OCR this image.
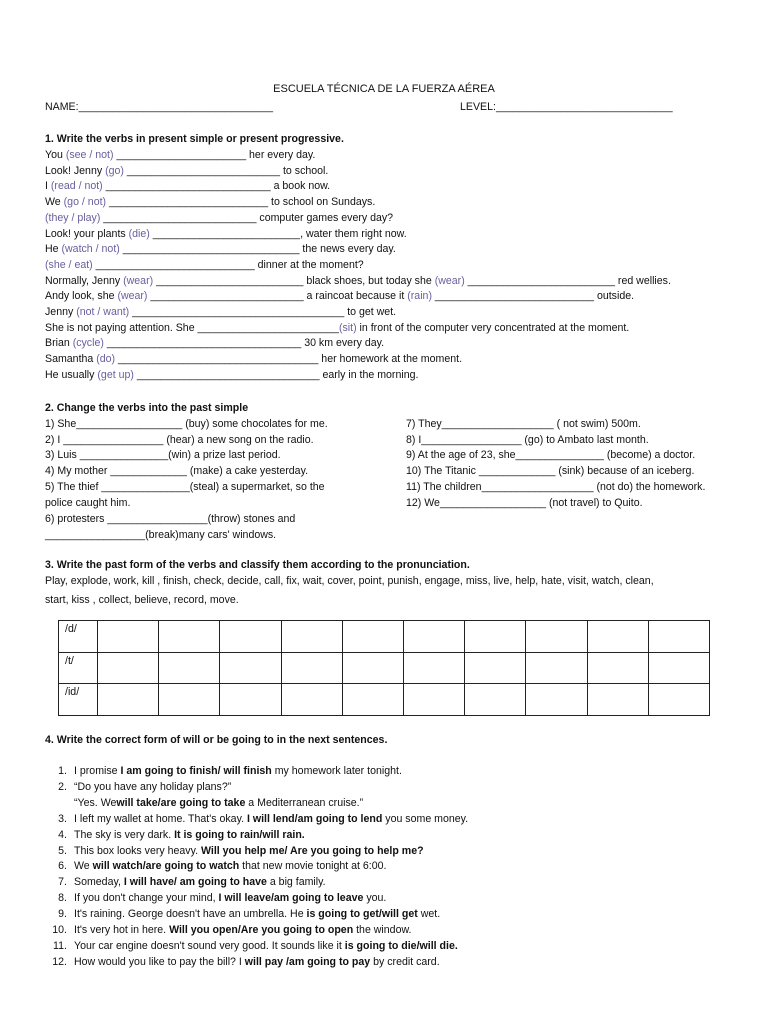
ESCUELA TÉCNICA DE LA FUERZA AÉREA
NAME:_________________________________	LEVEL:______________________________
1. Write the verbs in present simple or present progressive.
You (see / not) ______________________ her every day.
Look! Jenny (go) __________________________ to school.
I (read / not) ____________________________ a book now.
We (go / not) ___________________________ to school on Sundays.
(they / play) __________________________ computer games every day?
Look! your plants (die) _________________________, water them right now.
He (watch / not) ______________________________ the news every day.
(she / eat) ___________________________ dinner at the moment?
Normally, Jenny (wear) _________________________ black shoes, but today she (wear) _________________________ red wellies.
Andy look, she (wear) __________________________ a raincoat because it (rain) ___________________________ outside.
Jenny (not / want) ____________________________________ to get wet.
She is not paying attention. She ________________________(sit) in front of the computer very concentrated at the moment.
Brian (cycle) _________________________________ 30 km every day.
Samantha (do) __________________________________ her homework at the moment.
He usually (get up) _______________________________ early in the morning.
2. Change the verbs into the past simple
1) She__________________ (buy) some chocolates for me.
2) I _________________ (hear) a new song on the radio.
3) Luis _______________(win) a prize last period.
4) My mother _____________ (make) a cake yesterday.
5) The thief _______________(steal) a supermarket, so the
police caught him.
6) protesters _________________(throw) stones and
_________________(break)many cars' windows.
7) They___________________ ( not swim) 500m.
8) I_________________ (go) to Ambato last month.
9) At the age of 23, she_______________ (become) a doctor.
10) The Titanic _____________ (sink) because of an iceberg.
11) The children___________________ (not do) the homework.
12) We__________________ (not travel) to Quito.
3. Write the past form of the verbs and classify them according to the pronunciation.
Play, explode, work, kill , finish, check, decide, call, fix, wait, cover, point, punish, engage, miss, live, help, hate, visit, watch, clean,
start, kiss , collect, believe, record, move.
/d/										
/t/										
/id/										
4. Write the correct form of will or be going to in the next sentences.
1. I promise I am going to finish/ will finish my homework later tonight.
2. “Do you have any holiday plans?”
“Yes. Wewill take/are going to take a Mediterranean cruise.”
3. I left my wallet at home. That's okay. I will lend/am going to lend you some money.
4. The sky is very dark. It is going to rain/will rain.
5. This box looks very heavy. Will you help me/ Are you going to help me?
6. We will watch/are going to watch that new movie tonight at 6:00.
7. Someday, I will have/ am going to have a big family.
8. If you don't change your mind, I will leave/am going to leave you.
9. It's raining. George doesn't have an umbrella. He is going to get/will get wet.
10. It's very hot in here. Will you open/Are you going to open the window.
11. Your car engine doesn't sound very good. It sounds like it is going to die/will die.
12. How would you like to pay the bill? I will pay /am going to pay by credit card.
